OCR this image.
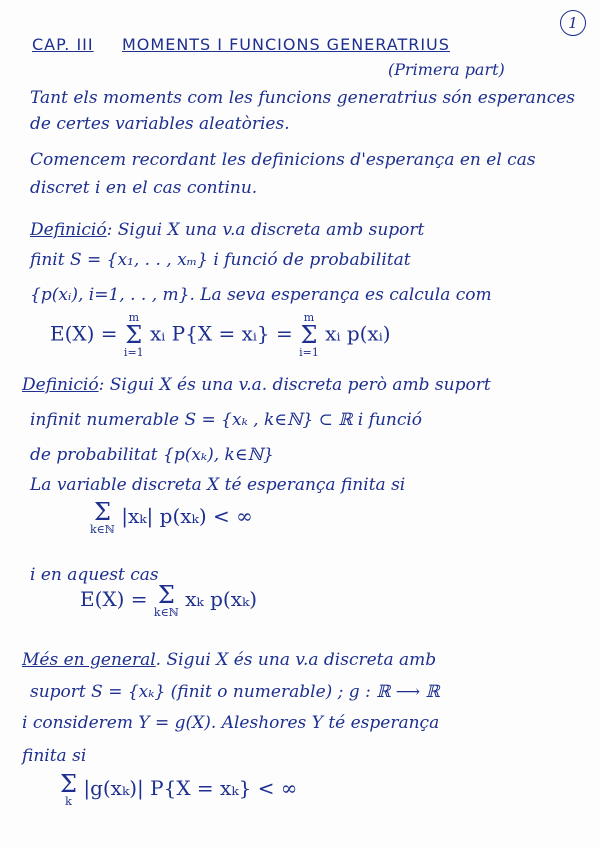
1
CAP. III MOMENTS I FUNCIONS GENERATRIUS
(Primera part)
Tant els moments com les funcions generatrius són esperances
de certes variables aleatòries.
Comencem recordant les definicions d'esperança en el cas
discret i en el cas continu.
Definició: Sigui X una v.a discreta amb suport
finit S = {x₁, . . , xₘ} i funció de probabilitat
{p(xᵢ), i=1, . . , m}. La seva esperança es calcula com
E(X) =
m
Σ
i=1
xᵢ P{X = xᵢ} =
m
Σ
i=1
xᵢ p(xᵢ)
Definició: Sigui X és una v.a. discreta però amb suport
infinit numerable S = {xₖ , k∈ℕ} ⊂ ℝ i funció
de probabilitat {p(xₖ), k∈ℕ}
La variable discreta X té esperança finita si
Σ
k∈ℕ
|xₖ| p(xₖ) < ∞
i en aquest cas
E(X) = Σ
k∈ℕ
xₖ p(xₖ)
Més en general. Sigui X és una v.a discreta amb
suport S = {xₖ} (finit o numerable) ; g : ℝ ⟶ ℝ
i considerem Y = g(X). Aleshores Y té esperança
finita si
Σ
k
|g(xₖ)| P{X = xₖ} < ∞
